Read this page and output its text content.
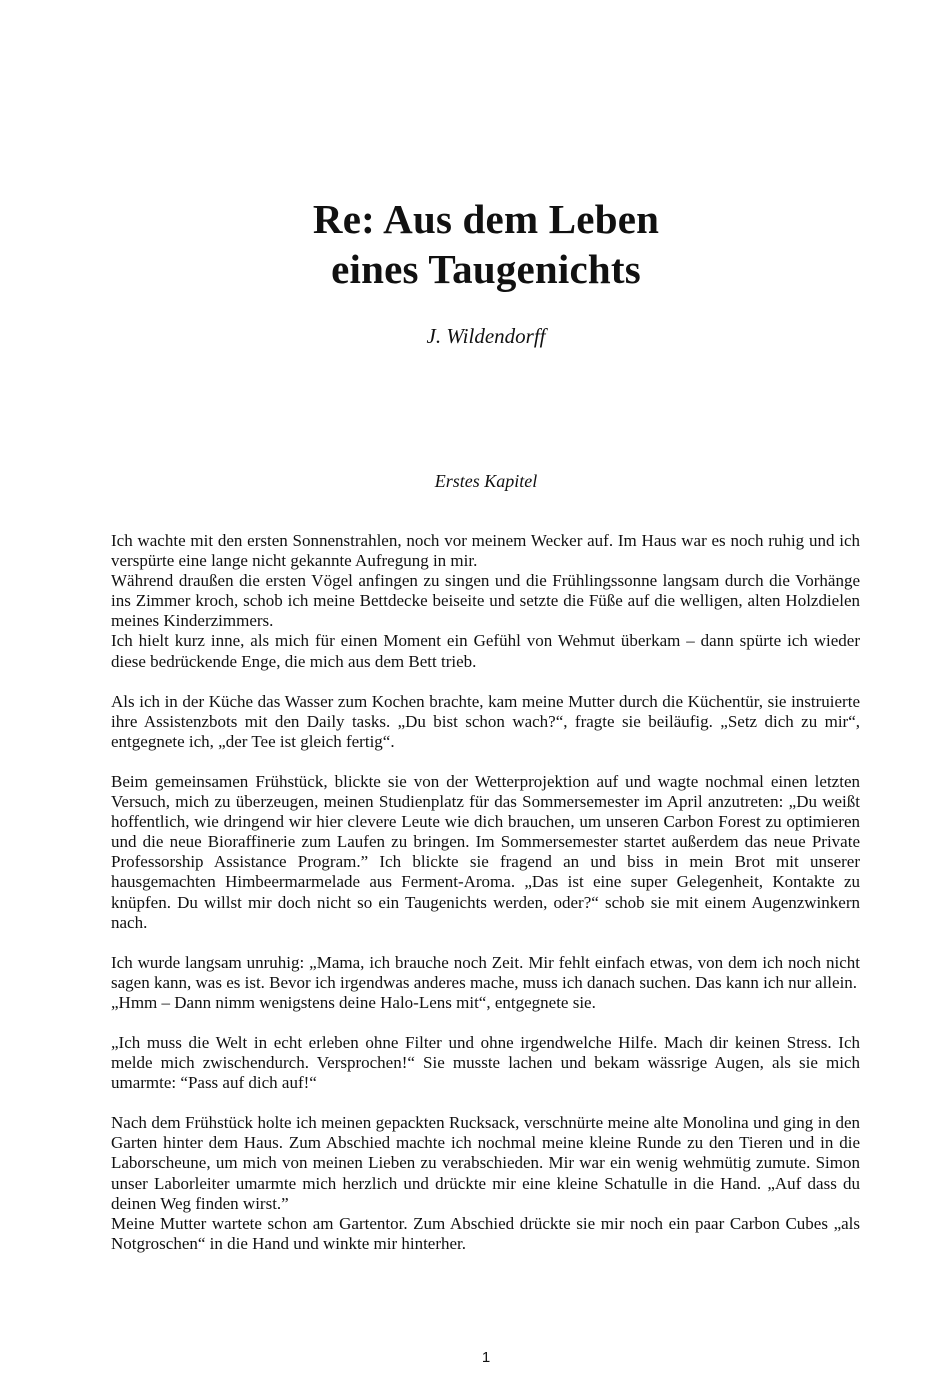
Re: Aus dem Leben
eines Taugenichts

J. Wildendorff

Erstes Kapitel

Ich wachte mit den ersten Sonnenstrahlen, noch vor meinem Wecker auf. Im Haus war es noch ruhig und ich verspürte eine lange nicht gekannte Aufregung in mir.
Während draußen die ersten Vögel anfingen zu singen und die Frühlingssonne langsam durch die Vorhänge ins Zimmer kroch, schob ich meine Bettdecke beiseite und setzte die Füße auf die welligen, alten Holzdielen meines Kinderzimmers.
Ich hielt kurz inne, als mich für einen Moment ein Gefühl von Wehmut überkam – dann spürte ich wieder diese bedrückende Enge, die mich aus dem Bett trieb.

Als ich in der Küche das Wasser zum Kochen brachte, kam meine Mutter durch die Küchentür, sie instruierte ihre Assistenzbots mit den Daily tasks. „Du bist schon wach?“, fragte sie beiläufig. „Setz dich zu mir“, entgegnete ich, „der Tee ist gleich fertig“.

Beim gemeinsamen Frühstück, blickte sie von der Wetterprojektion auf und wagte nochmal einen letzten Versuch, mich zu überzeugen, meinen Studienplatz für das Sommersemester im April anzutreten: „Du weißt hoffentlich, wie dringend wir hier clevere Leute wie dich brauchen, um unseren Carbon Forest zu optimieren und die neue Bioraffinerie zum Laufen zu bringen. Im Sommersemester startet außerdem das neue Private Professorship Assistance Program.” Ich blickte sie fragend an und biss in mein Brot mit unserer hausgemachten Himbeermarmelade aus Ferment-Aroma. „Das ist eine super Gelegenheit, Kontakte zu knüpfen. Du willst mir doch nicht so ein Taugenichts werden, oder?“ schob sie mit einem Augenzwinkern nach.

Ich wurde langsam unruhig: „Mama, ich brauche noch Zeit. Mir fehlt einfach etwas, von dem ich noch nicht sagen kann, was es ist. Bevor ich irgendwas anderes mache, muss ich danach suchen. Das kann ich nur allein.
„Hmm – Dann nimm wenigstens deine Halo-Lens mit“, entgegnete sie.

„Ich muss die Welt in echt erleben ohne Filter und ohne irgendwelche Hilfe. Mach dir keinen Stress. Ich melde mich zwischendurch. Versprochen!“ Sie musste lachen und bekam wässrige Augen, als sie mich umarmte: “Pass auf dich auf!“

Nach dem Frühstück holte ich meinen gepackten Rucksack, verschnürte meine alte Monolina und ging in den Garten hinter dem Haus. Zum Abschied machte ich nochmal meine kleine Runde zu den Tieren und in die Laborscheune, um mich von meinen Lieben zu verabschieden. Mir war ein wenig wehmütig zumute. Simon unser Laborleiter umarmte mich herzlich und drückte mir eine kleine Schatulle in die Hand. „Auf dass du deinen Weg finden wirst.”
Meine Mutter wartete schon am Gartentor. Zum Abschied drückte sie mir noch ein paar Carbon Cubes „als Notgroschen“ in die Hand und winkte mir hinterher.

1
